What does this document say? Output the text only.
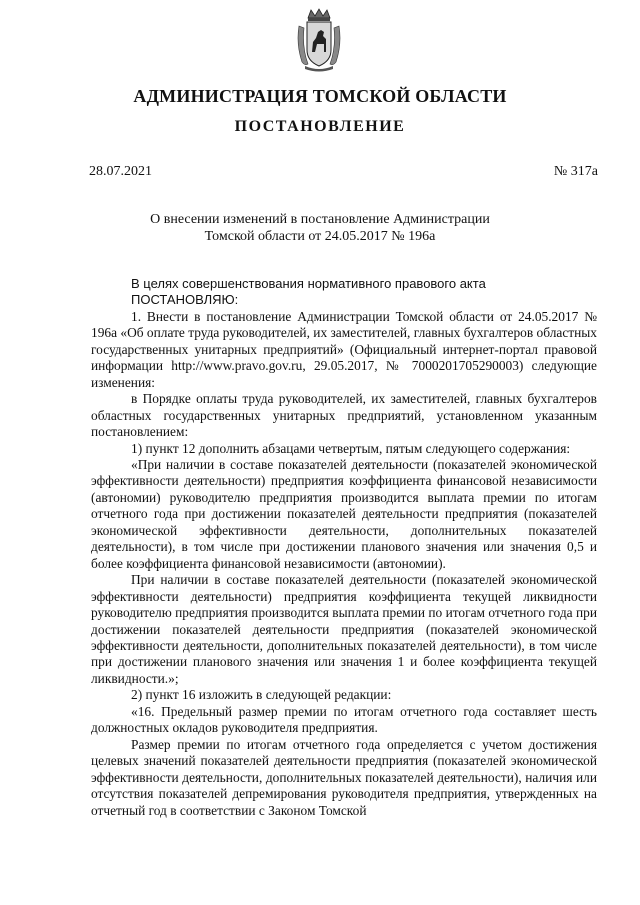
АДМИНИСТРАЦИЯ ТОМСКОЙ ОБЛАСТИ
ПОСТАНОВЛЕНИЕ
28.07.2021	№ 317а
О внесении изменений в постановление Администрации
Томской области от 24.05.2017 № 196а
В целях совершенствования нормативного правового акта
ПОСТАНОВЛЯЮ:
1. Внести в постановление Администрации Томской области от 24.05.2017 № 196а «Об оплате труда руководителей, их заместителей, главных бухгалтеров областных государственных унитарных предприятий» (Официальный интернет-портал правовой информации http://www.pravo.gov.ru, 29.05.2017, № 7000201705290003) следующие изменения:
в Порядке оплаты труда руководителей, их заместителей, главных бухгалтеров областных государственных унитарных предприятий, установленном указанным постановлением:
1) пункт 12 дополнить абзацами четвертым, пятым следующего содержания:
«При наличии в составе показателей деятельности (показателей экономической эффективности деятельности) предприятия коэффициента финансовой независимости (автономии) руководителю предприятия производится выплата премии по итогам отчетного года при достижении показателей деятельности предприятия (показателей экономической эффективности деятельности, дополнительных показателей деятельности), в том числе при достижении планового значения или значения 0,5 и более коэффициента финансовой независимости (автономии).
При наличии в составе показателей деятельности (показателей экономической эффективности деятельности) предприятия коэффициента текущей ликвидности руководителю предприятия производится выплата премии по итогам отчетного года при достижении показателей деятельности предприятия (показателей экономической эффективности деятельности, дополнительных показателей деятельности), в том числе при достижении планового значения или значения 1 и более коэффициента текущей ликвидности.»;
2) пункт 16 изложить в следующей редакции:
«16. Предельный размер премии по итогам отчетного года составляет шесть должностных окладов руководителя предприятия.
Размер премии по итогам отчетного года определяется с учетом достижения целевых значений показателей деятельности предприятия (показателей экономической эффективности деятельности, дополнительных показателей деятельности), наличия или отсутствия показателей депремирования руководителя предприятия, утвержденных на отчетный год в соответствии с Законом Томской
